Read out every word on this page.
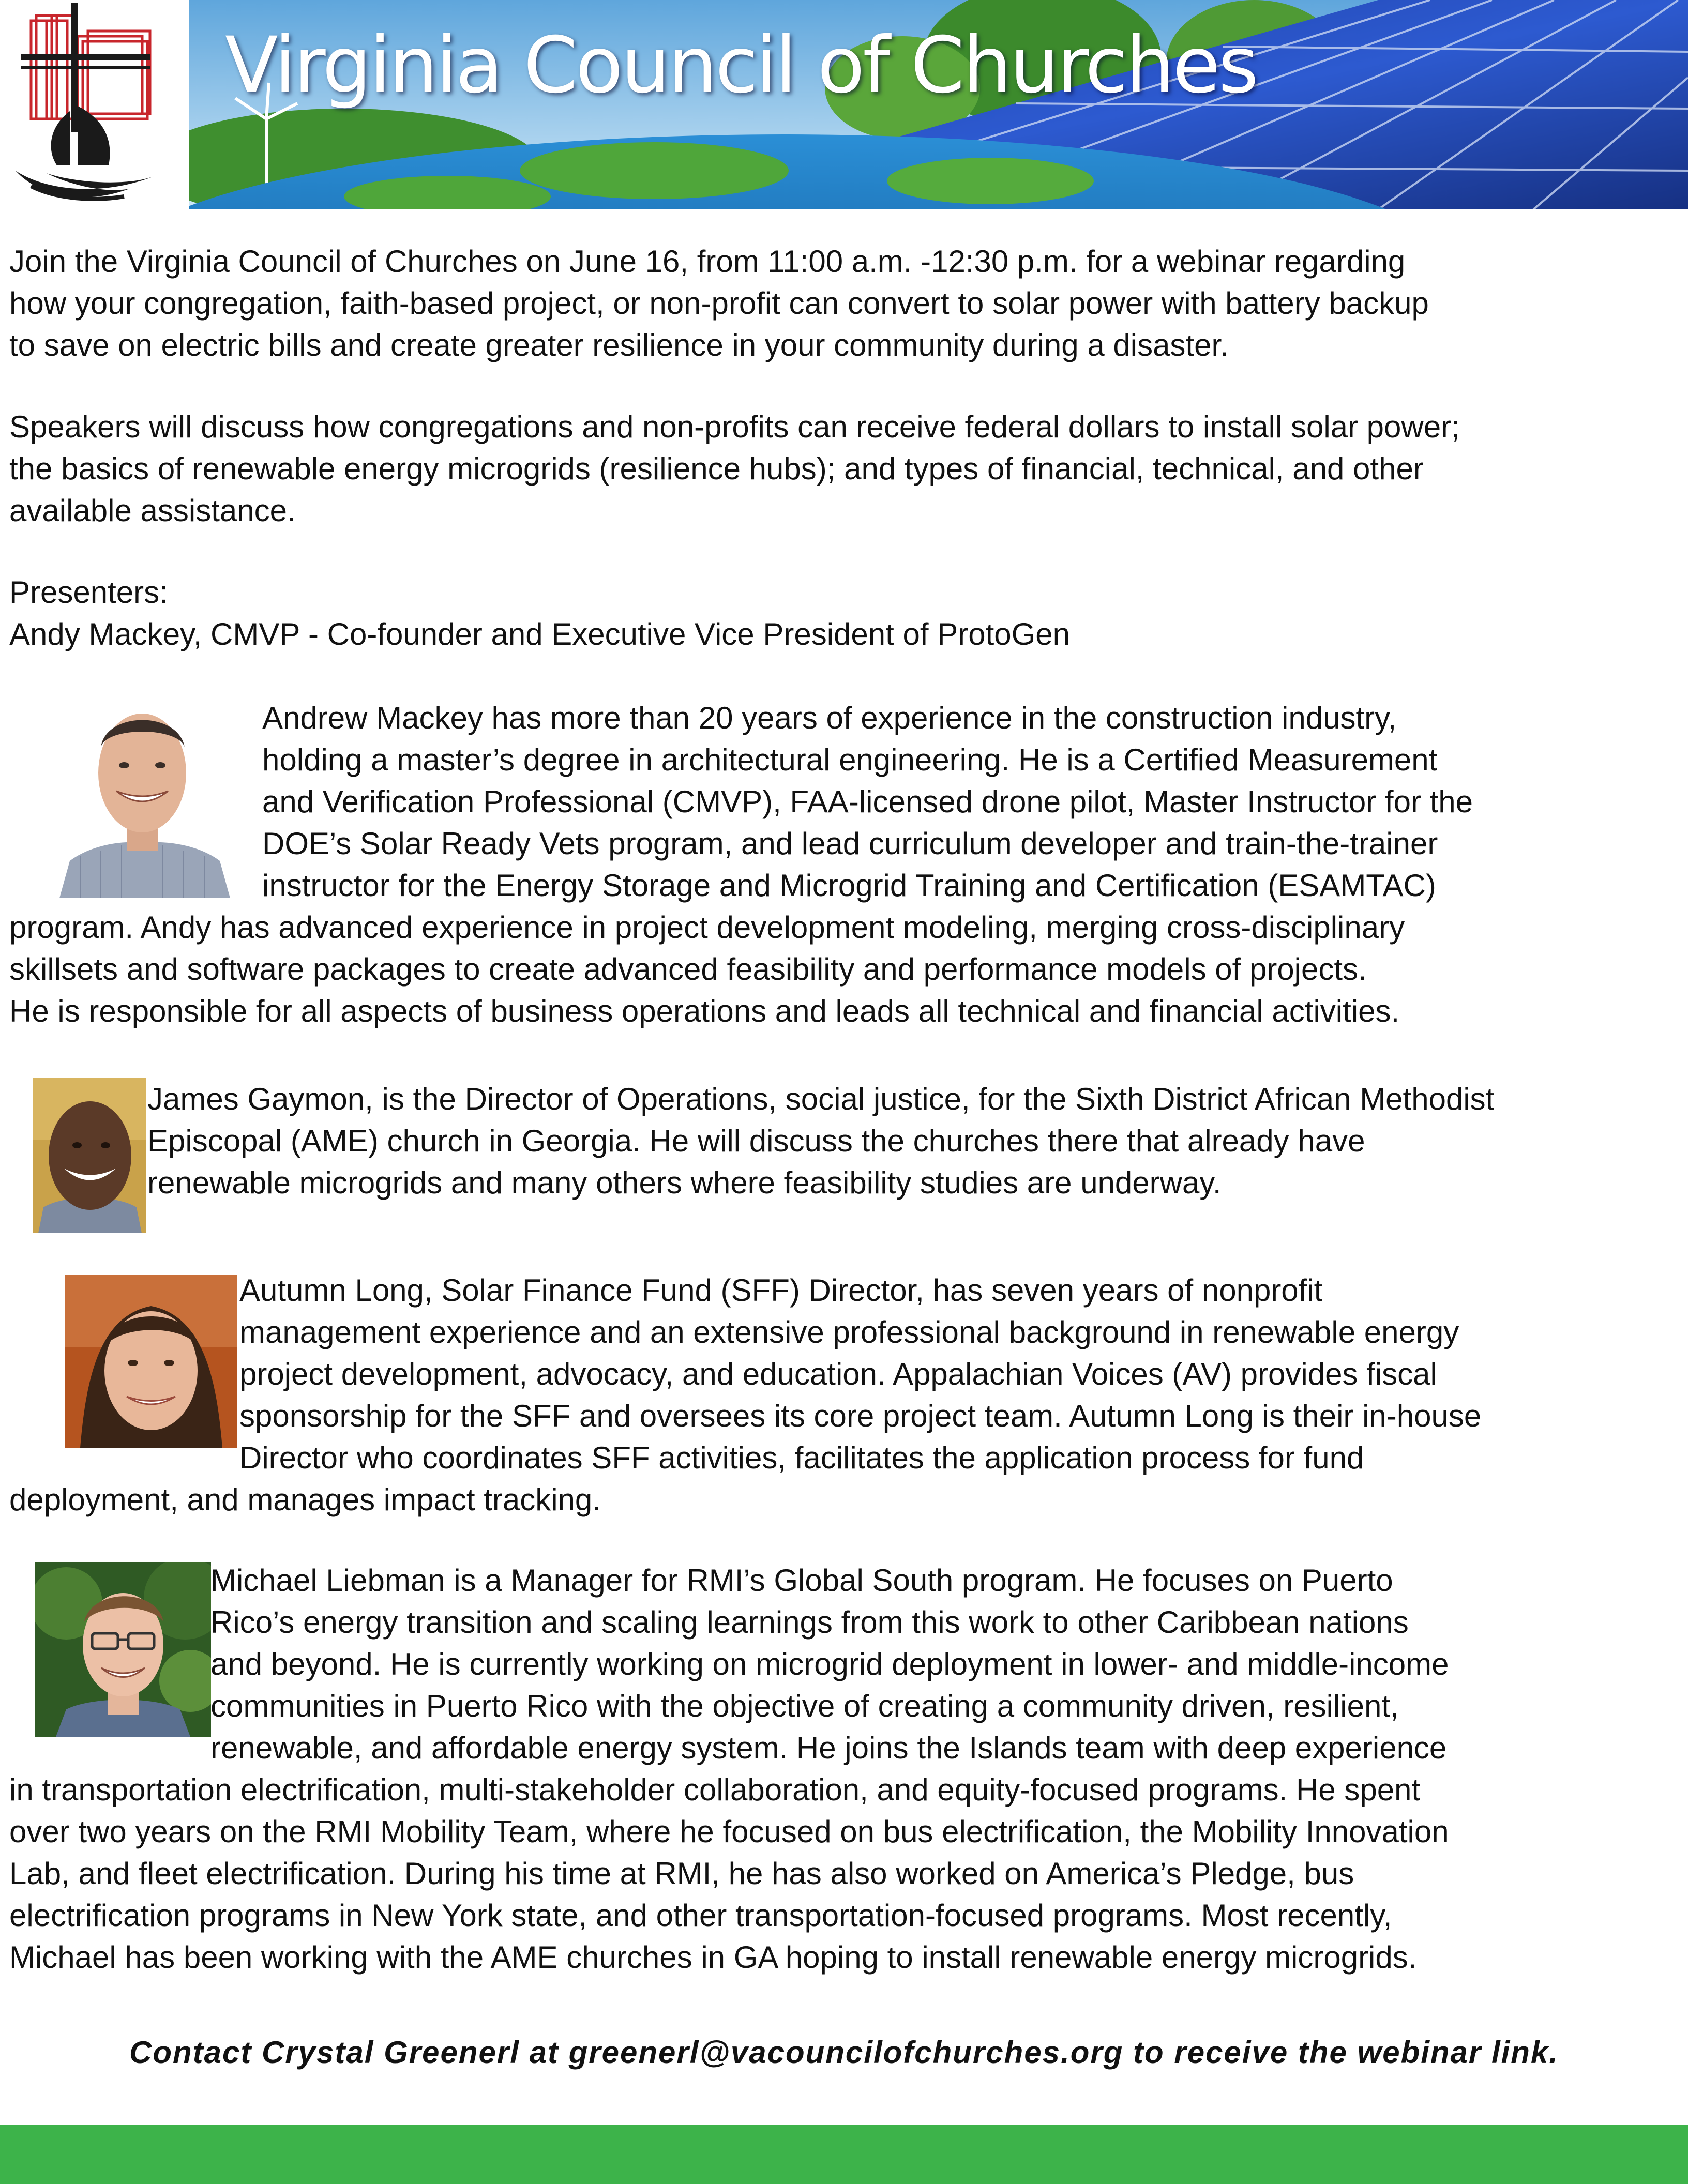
Virginia Council of Churches

Join the Virginia Council of Churches on June 16, from 11:00 a.m. -12:30 p.m. for a webinar regarding
how your congregation, faith-based project, or non-profit can convert to solar power with battery backup
to save on electric bills and create greater resilience in your community during a disaster.

Speakers will discuss how congregations and non-profits can receive federal dollars to install solar power;
the basics of renewable energy microgrids (resilience hubs); and types of financial, technical, and other
available assistance.

Presenters:

Andy Mackey, CMVP - Co-founder and Executive Vice President of ProtoGen

Andrew Mackey has more than 20 years of experience in the construction industry,
holding a master’s degree in architectural engineering. He is a Certified Measurement
and Verification Professional (CMVP), FAA-licensed drone pilot, Master Instructor for the
DOE’s Solar Ready Vets program, and lead curriculum developer and train-the-trainer
instructor for the Energy Storage and Microgrid Training and Certification (ESAMTAC)

program. Andy has advanced experience in project development modeling, merging cross-disciplinary
skillsets and software packages to create advanced feasibility and performance models of projects.
He is responsible for all aspects of business operations and leads all technical and financial activities.

James Gaymon, is the Director of Operations, social justice, for the Sixth District African Methodist
Episcopal (AME) church in Georgia. He will discuss the churches there that already have
renewable microgrids and many others where feasibility studies are underway.

Autumn Long, Solar Finance Fund (SFF) Director, has seven years of nonprofit
management experience and an extensive professional background in renewable energy
project development, advocacy, and education. Appalachian Voices (AV) provides fiscal
sponsorship for the SFF and oversees its core project team. Autumn Long is their in-house
Director who coordinates SFF activities, facilitates the application process for fund

deployment, and manages impact tracking.

Michael Liebman is a Manager for RMI’s Global South program. He focuses on Puerto
Rico’s energy transition and scaling learnings from this work to other Caribbean nations
and beyond. He is currently working on microgrid deployment in lower- and middle-income
communities in Puerto Rico with the objective of creating a community driven, resilient,
renewable, and affordable energy system. He joins the Islands team with deep experience

in transportation electrification, multi-stakeholder collaboration, and equity-focused programs. He spent
over two years on the RMI Mobility Team, where he focused on bus electrification, the Mobility Innovation
Lab, and fleet electrification. During his time at RMI, he has also worked on America’s Pledge, bus
electrification programs in New York state, and other transportation-focused programs. Most recently,
Michael has been working with the AME churches in GA hoping to install renewable energy microgrids.

Contact Crystal Greenerl at greenerl@vacouncilofchurches.org to receive the webinar link.
